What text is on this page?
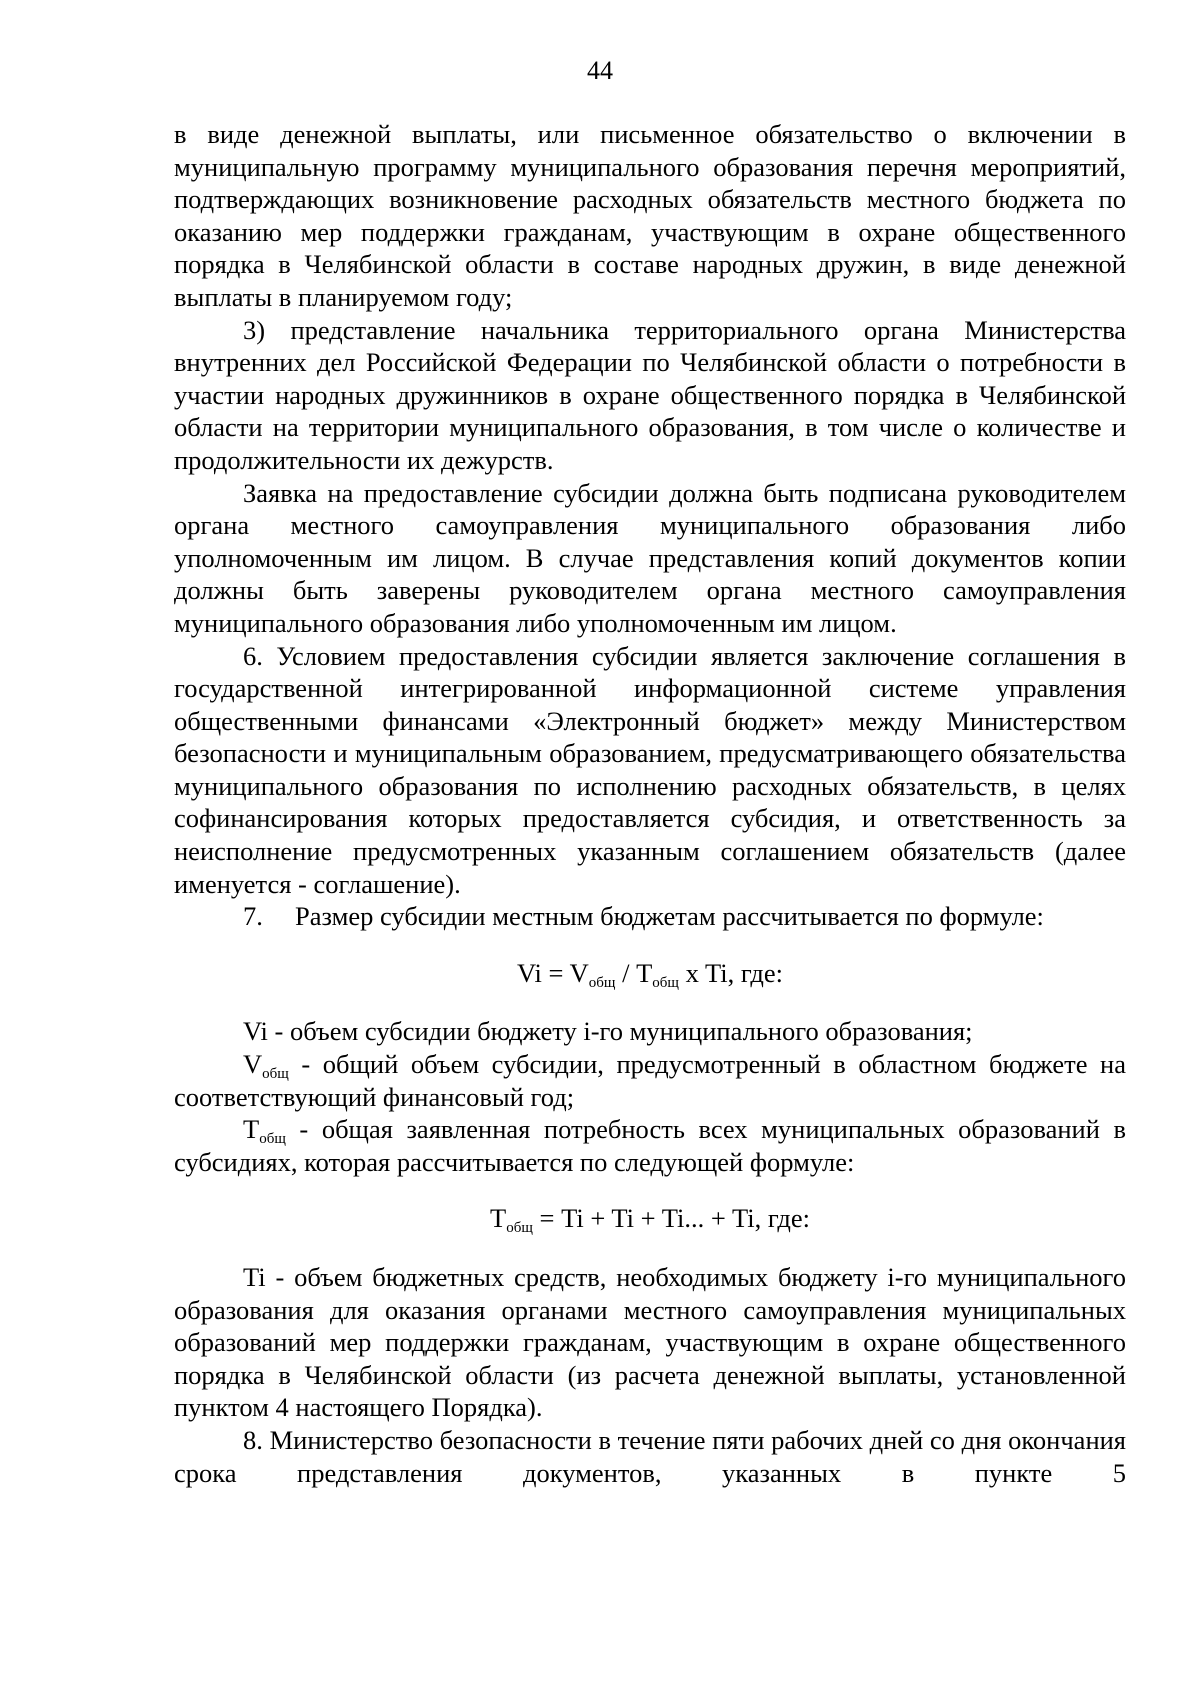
44

в виде денежной выплаты, или письменное обязательство о включении в муниципальную программу муниципального образования перечня мероприятий, подтверждающих возникновение расходных обязательств местного бюджета по оказанию мер поддержки гражданам, участвующим в охране общественного порядка в Челябинской области в составе народных дружин, в виде денежной выплаты в планируемом году;

3) представление начальника территориального органа Министерства внутренних дел Российской Федерации по Челябинской области о потребности в участии народных дружинников в охране общественного порядка в Челябинской области на территории муниципального образования, в том числе о количестве и продолжительности их дежурств.

Заявка на предоставление субсидии должна быть подписана руководителем органа местного самоуправления муниципального образования либо уполномоченным им лицом. В случае представления копий документов копии должны быть заверены руководителем органа местного самоуправления муниципального образования либо уполномоченным им лицом.

6. Условием предоставления субсидии является заключение соглашения в государственной интегрированной информационной системе управления общественными финансами «Электронный бюджет» между Министерством безопасности и муниципальным образованием, предусматривающего обязательства муниципального образования по исполнению расходных обязательств, в целях софинансирования которых предоставляется субсидия, и ответственность за неисполнение предусмотренных указанным соглашением обязательств (далее именуется - соглашение).

7. Размер субсидии местным бюджетам рассчитывается по формуле:

$Vi = V_{общ} / T_{общ}$ x Ti, где:

Vi - объем субсидии бюджету i-го муниципального образования;

$V_{общ}$ - общий объем субсидии, предусмотренный в областном бюджете на соответствующий финансовый год;

$T_{общ}$ - общая заявленная потребность всех муниципальных образований в субсидиях, которая рассчитывается по следующей формуле:

$T_{общ} = Ti + Ti + Ti$... + Ti, где:

Ti - объем бюджетных средств, необходимых бюджету i-го муниципального образования для оказания органами местного самоуправления муниципальных образований мер поддержки гражданам, участвующим в охране общественного порядка в Челябинской области (из расчета денежной выплаты, установленной пунктом 4 настоящего Порядка).

8. Министерство безопасности в течение пяти рабочих дней со дня окончания срока представления документов, указанных в пункте 5
